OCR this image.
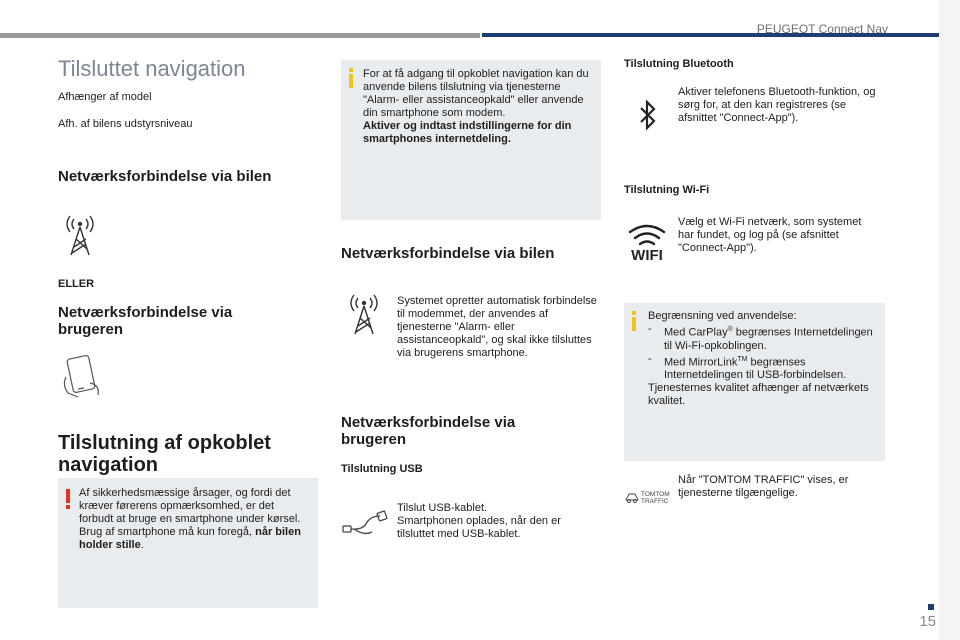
PEUGEOT Connect Nav
Tilsluttet navigation
Afhænger af model
Afh. af bilens udstyrsniveau
Netværksforbindelse via bilen
ELLER
Netværksforbindelse via brugeren
Tilslutning af opkoblet navigation
Af sikkerhedsmæssige årsager, og fordi det kræver førerens opmærksomhed, er det forbudt at bruge en smartphone under kørsel.
Brug af smartphone må kun foregå, når bilen holder stille.
For at få adgang til opkoblet navigation kan du anvende bilens tilslutning via tjenesterne "Alarm- eller assistanceopkald" eller anvende din smartphone som modem.
Aktiver og indtast indstillingerne for din smartphones internetdeling.
Netværksforbindelse via bilen
Systemet opretter automatisk forbindelse til modemmet, der anvendes af tjenesterne "Alarm- eller assistanceopkald", og skal ikke tilsluttes via brugerens smartphone.
Netværksforbindelse via brugeren
Tilslutning USB
Tilslut USB-kablet.
Smartphonen oplades, når den er tilsluttet med USB-kablet.
Tilslutning Bluetooth
Aktiver telefonens Bluetooth-funktion, og sørg for, at den kan registreres (se afsnittet "Connect-App").
Tilslutning Wi-Fi
WIFI
Vælg et Wi-Fi netværk, som systemet har fundet, og log på (se afsnittet "Connect-App").
Begrænsning ved anvendelse:
-	Med CarPlay® begrænses Internetdelingen til Wi-Fi-opkoblingen.
-	Med MirrorLink™ begrænses Internetdelingen til USB-forbindelsen.
Tjenesternes kvalitet afhænger af netværkets kvalitet.
TOMTOM
TRAFFIC
Når "TOMTOM TRAFFIC" vises, er tjenesterne tilgængelige.
15
